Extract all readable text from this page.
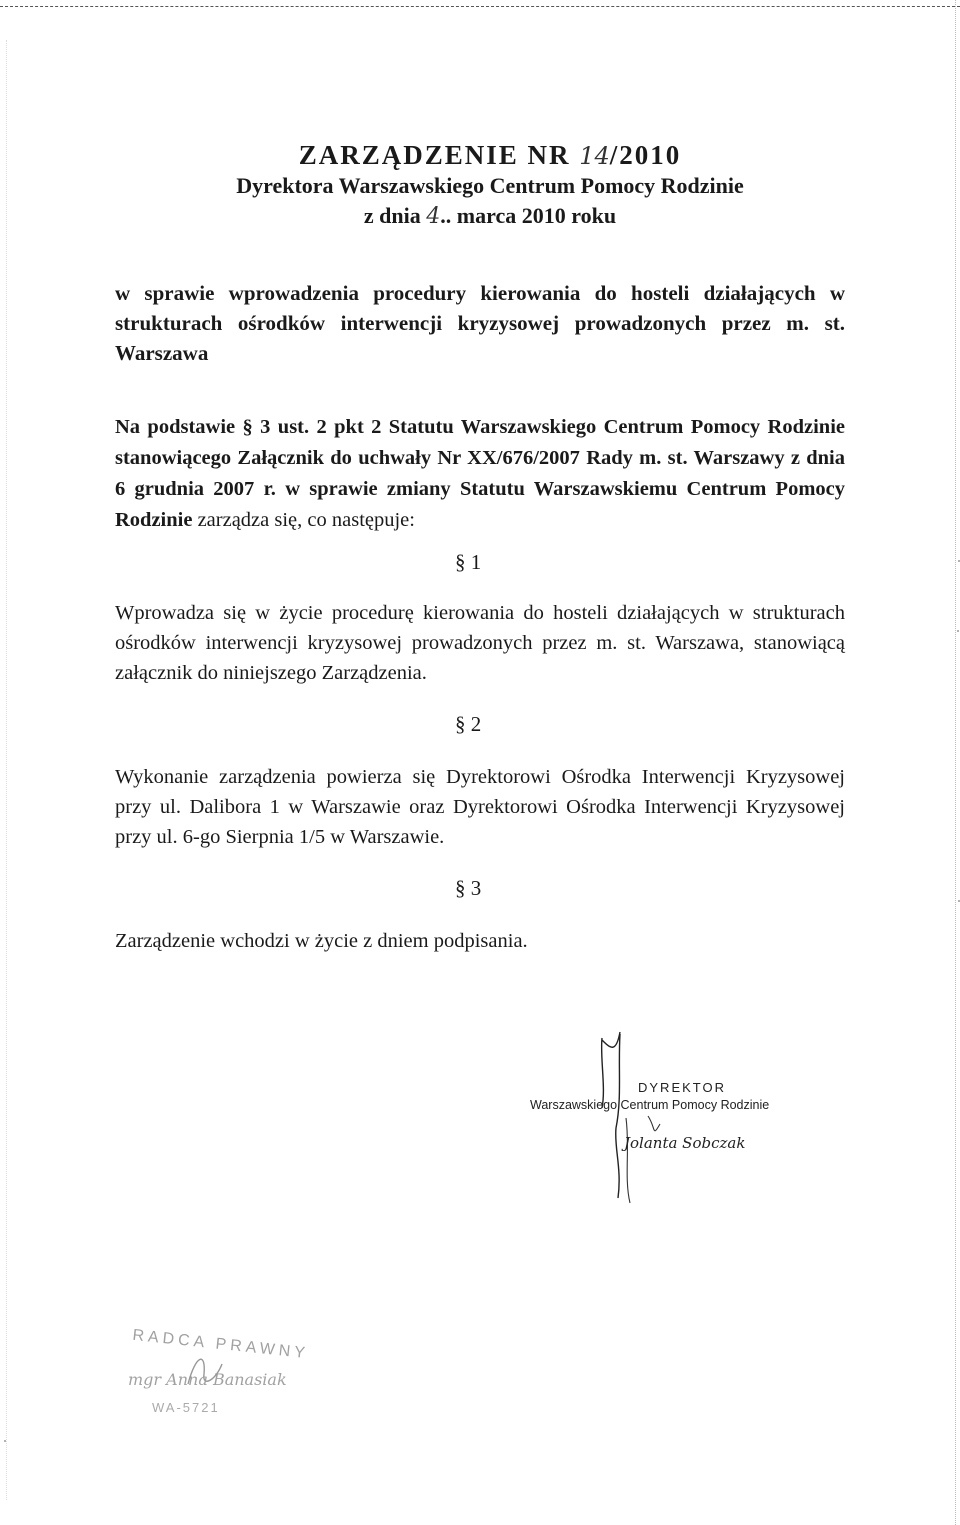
ZARZĄDZENIE NR 14/2010

Dyrektora Warszawskiego Centrum Pomocy Rodzinie

z dnia 4.. marca 2010 roku

w sprawie wprowadzenia procedury kierowania do hosteli działających w strukturach ośrodków interwencji kryzysowej prowadzonych przez m. st. Warszawa

Na podstawie § 3 ust. 2 pkt 2 Statutu Warszawskiego Centrum Pomocy Rodzinie stanowiącego Załącznik do uchwały Nr XX/676/2007 Rady m. st. Warszawy z dnia 6 grudnia 2007 r. w sprawie zmiany Statutu Warszawskiemu Centrum Pomocy Rodzinie zarządza się, co następuje:

§ 1

Wprowadza się w życie procedurę kierowania do hosteli działających w strukturach ośrodków interwencji kryzysowej prowadzonych przez m. st. Warszawa, stanowiącą załącznik do niniejszego Zarządzenia.

§ 2

Wykonanie zarządzenia powierza się Dyrektorowi Ośrodka Interwencji Kryzysowej przy ul. Dalibora 1 w Warszawie oraz Dyrektorowi Ośrodka Interwencji Kryzysowej przy ul. 6-go Sierpnia 1/5 w Warszawie.

§ 3

Zarządzenie wchodzi w życie z dniem podpisania.

DYREKTOR
Warszawskiego Centrum Pomocy Rodzinie
Jolanta Sobczak
RADCA PRAWNY
mgr Anna Banasiak
WA-5721
